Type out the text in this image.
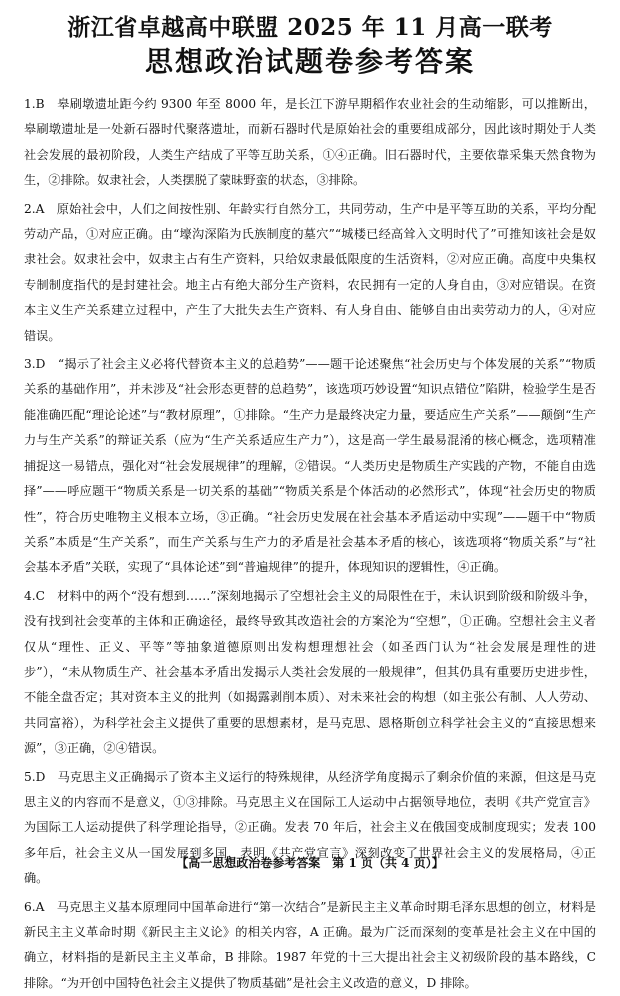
浙江省卓越高中联盟 2025 年 11 月高一联考
思想政治试题卷参考答案

1.B　皋刷墩遗址距今约 9300 年至 8000 年，是长江下游早期稻作农业社会的生动缩影，可以推断出，皋刷墩遗址是一处新石器时代聚落遗址，而新石器时代是原始社会的重要组成部分，因此该时期处于人类社会发展的最初阶段，人类生产结成了平等互助关系，①④正确。旧石器时代，主要依靠采集天然食物为生，②排除。奴隶社会，人类摆脱了蒙昧野蛮的状态，③排除。

2.A　原始社会中，人们之间按性别、年龄实行自然分工，共同劳动，生产中是平等互助的关系，平均分配劳动产品，①对应正确。由“壕沟深陷为氏族制度的墓穴”“城楼已经高耸入文明时代了”可推知该社会是奴隶社会。奴隶社会中，奴隶主占有生产资料，只给奴隶最低限度的生活资料，②对应正确。高度中央集权专制制度指代的是封建社会。地主占有绝大部分生产资料，农民拥有一定的人身自由，③对应错误。在资本主义生产关系建立过程中，产生了大批失去生产资料、有人身自由、能够自由出卖劳动力的人，④对应错误。

3.D　“揭示了社会主义必将代替资本主义的总趋势”——题干论述聚焦“社会历史与个体发展的关系”“物质关系的基础作用”，并未涉及“社会形态更替的总趋势”，该选项巧妙设置“知识点错位”陷阱，检验学生是否能准确匹配“理论论述”与“教材原理”，①排除。“生产力是最终决定力量，要适应生产关系”——颠倒“生产力与生产关系”的辩证关系（应为“生产关系适应生产力”），这是高一学生最易混淆的核心概念，选项精准捕捉这一易错点，强化对“社会发展规律”的理解，②错误。“人类历史是物质生产实践的产物，不能自由选择”——呼应题干“物质关系是一切关系的基础”“物质关系是个体活动的必然形式”，体现“社会历史的物质性”，符合历史唯物主义根本立场，③正确。“社会历史发展在社会基本矛盾运动中实现”——题干中“物质关系”本质是“生产关系”，而生产关系与生产力的矛盾是社会基本矛盾的核心，该选项将“物质关系”与“社会基本矛盾”关联，实现了“具体论述”到“普遍规律”的提升，体现知识的逻辑性，④正确。

4.C　材料中的两个“没有想到……”深刻地揭示了空想社会主义的局限性在于，未认识到阶级和阶级斗争，没有找到社会变革的主体和正确途径，最终导致其改造社会的方案沦为“空想”，①正确。空想社会主义者仅从“理性、正义、平等”等抽象道德原则出发构想理想社会（如圣西门认为“社会发展是理性的进步”），“未从物质生产、社会基本矛盾出发揭示人类社会发展的一般规律”，但其仍具有重要历史进步性，不能全盘否定；其对资本主义的批判（如揭露剥削本质）、对未来社会的构想（如主张公有制、人人劳动、共同富裕），为科学社会主义提供了重要的思想素材，是马克思、恩格斯创立科学社会主义的“直接思想来源”，③正确，②④错误。

5.D　马克思主义正确揭示了资本主义运行的特殊规律，从经济学角度揭示了剩余价值的来源，但这是马克思主义的内容而不是意义，①③排除。马克思主义在国际工人运动中占据领导地位，表明《共产党宣言》为国际工人运动提供了科学理论指导，②正确。发表 70 年后，社会主义在俄国变成制度现实；发表 100 多年后，社会主义从一国发展到多国，表明《共产党宣言》深刻改变了世界社会主义的发展格局，④正确。

6.A　马克思主义基本原理同中国革命进行“第一次结合”是新民主主义革命时期毛泽东思想的创立，材料是新民主主义革命时期《新民主主义论》的相关内容，A 正确。最为广泛而深刻的变革是社会主义在中国的确立，材料指的是新民主主义革命，B 排除。1987 年党的十三大提出社会主义初级阶段的基本路线，C 排除。“为开创中国特色社会主义提供了物质基础”是社会主义改造的意义，D 排除。

【高一思想政治卷参考答案　第 1 页（共 4 页）】
